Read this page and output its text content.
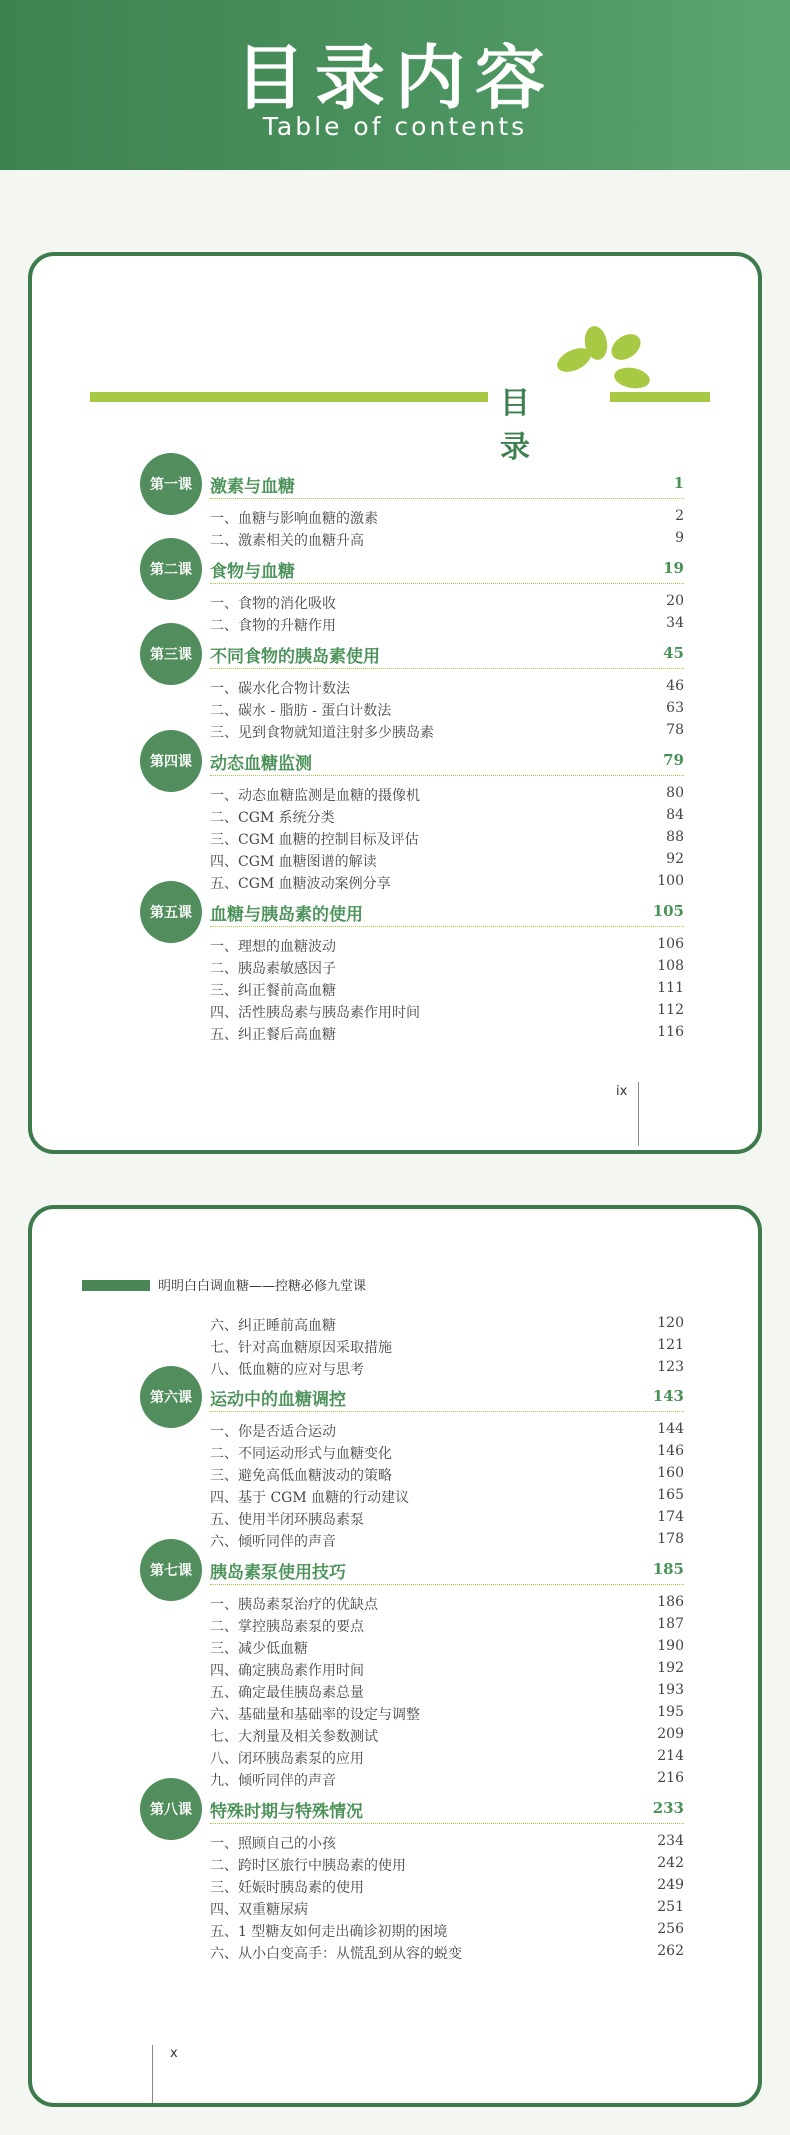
目录内容
Table of contents
目 录
第一课	激素与血糖	1
一、血糖与影响血糖的激素	2
二、激素相关的血糖升高	9
第二课	食物与血糖	19
一、食物的消化吸收	20
二、食物的升糖作用	34
第三课	不同食物的胰岛素使用	45
一、碳水化合物计数法	46
二、碳水 - 脂肪 - 蛋白计数法	63
三、见到食物就知道注射多少胰岛素	78
第四课	动态血糖监测	79
一、动态血糖监测是血糖的摄像机	80
二、CGM 系统分类	84
三、CGM 血糖的控制目标及评估	88
四、CGM 血糖图谱的解读	92
五、CGM 血糖波动案例分享	100
第五课	血糖与胰岛素的使用	105
一、理想的血糖波动	106
二、胰岛素敏感因子	108
三、纠正餐前高血糖	111
四、活性胰岛素与胰岛素作用时间	112
五、纠正餐后高血糖	116
ix
明明白白调血糖——控糖必修九堂课
六、纠正睡前高血糖	120
七、针对高血糖原因采取措施	121
八、低血糖的应对与思考	123
第六课	运动中的血糖调控	143
一、你是否适合运动	144
二、不同运动形式与血糖变化	146
三、避免高低血糖波动的策略	160
四、基于 CGM 血糖的行动建议	165
五、使用半闭环胰岛素泵	174
六、倾听同伴的声音	178
第七课	胰岛素泵使用技巧	185
一、胰岛素泵治疗的优缺点	186
二、掌控胰岛素泵的要点	187
三、减少低血糖	190
四、确定胰岛素作用时间	192
五、确定最佳胰岛素总量	193
六、基础量和基础率的设定与调整	195
七、大剂量及相关参数测试	209
八、闭环胰岛素泵的应用	214
九、倾听同伴的声音	216
第八课	特殊时期与特殊情况	233
一、照顾自己的小孩	234
二、跨时区旅行中胰岛素的使用	242
三、妊娠时胰岛素的使用	249
四、双重糖尿病	251
五、1 型糖友如何走出确诊初期的困境	256
六、从小白变高手：从慌乱到从容的蜕变	262
x
